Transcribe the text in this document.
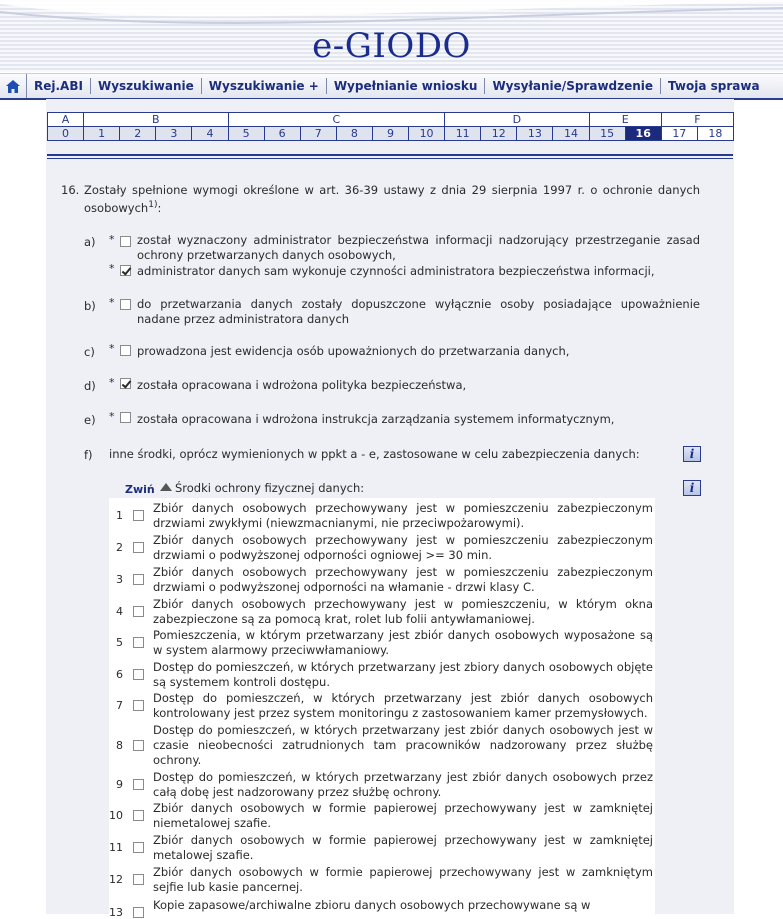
e-GIODO
Rej.ABI	Wyszukiwanie	Wyszukiwanie +	Wypełnianie wniosku	Wysyłanie/Sprawdzenie	Twoja sprawa
A	B				C						D				E		F	
0	1	2	3	4	5	6	7	8	9	10	11	12	13	14	15	16	17	18
16. Zostały spełnione wymogi określone w art. 36-39 ustawy z dnia 29 sierpnia 1997 r. o ochronie danych osobowych$^{1)}$:
a) * został wyznaczony administrator bezpieczeństwa informacji nadzorujący przestrzeganie zasad ochrony przetwarzanych danych osobowych,
* administrator danych sam wykonuje czynności administratora bezpieczeństwa informacji,
b) * do przetwarzania danych zostały dopuszczone wyłącznie osoby posiadające upoważnienie nadane przez administratora danych
c) * prowadzona jest ewidencja osób upoważnionych do przetwarzania danych,
d) * została opracowana i wdrożona polityka bezpieczeństwa,
e) * została opracowana i wdrożona instrukcja zarządzania systemem informatycznym,
f) inne środki, oprócz wymienionych w ppkt a - e, zastosowane w celu zabezpieczenia danych:	i
Zwiń Środki ochrony fizycznej danych:
1
Zbiór danych osobowych przechowywany jest w pomieszczeniu zabezpieczonym drzwiami zwykłymi (niewzmacnianymi, nie przeciwpożarowymi).
2
Zbiór danych osobowych przechowywany jest w pomieszczeniu zabezpieczonym drzwiami o podwyższonej odporności ogniowej >= 30 min.
3
Zbiór danych osobowych przechowywany jest w pomieszczeniu zabezpieczonym drzwiami o podwyższonej odporności na włamanie - drzwi klasy C.
4
Zbiór danych osobowych przechowywany jest w pomieszczeniu, w którym okna zabezpieczone są za pomocą krat, rolet lub folii antywłamaniowej.
5
Pomieszczenia, w którym przetwarzany jest zbiór danych osobowych wyposażone są w system alarmowy przeciwwłamaniowy.
6
Dostęp do pomieszczeń, w których przetwarzany jest zbiory danych osobowych objęte są systemem kontroli dostępu.
7
Dostęp do pomieszczeń, w których przetwarzany jest zbiór danych osobowych kontrolowany jest przez system monitoringu z zastosowaniem kamer przemysłowych.
8
Dostęp do pomieszczeń, w których przetwarzany jest zbiór danych osobowych jest w czasie nieobecności zatrudnionych tam pracowników nadzorowany przez służbę ochrony.
9
Dostęp do pomieszczeń, w których przetwarzany jest zbiór danych osobowych przez całą dobę jest nadzorowany przez służbę ochrony.
10
Zbiór danych osobowych w formie papierowej przechowywany jest w zamkniętej niemetalowej szafie.
11
Zbiór danych osobowych w formie papierowej przechowywany jest w zamkniętej metalowej szafie.
12
Zbiór danych osobowych w formie papierowej przechowywany jest w zamkniętym sejfie lub kasie pancernej.
13
Kopie zapasowe/archiwalne zbioru danych osobowych przechowywane są w
i
